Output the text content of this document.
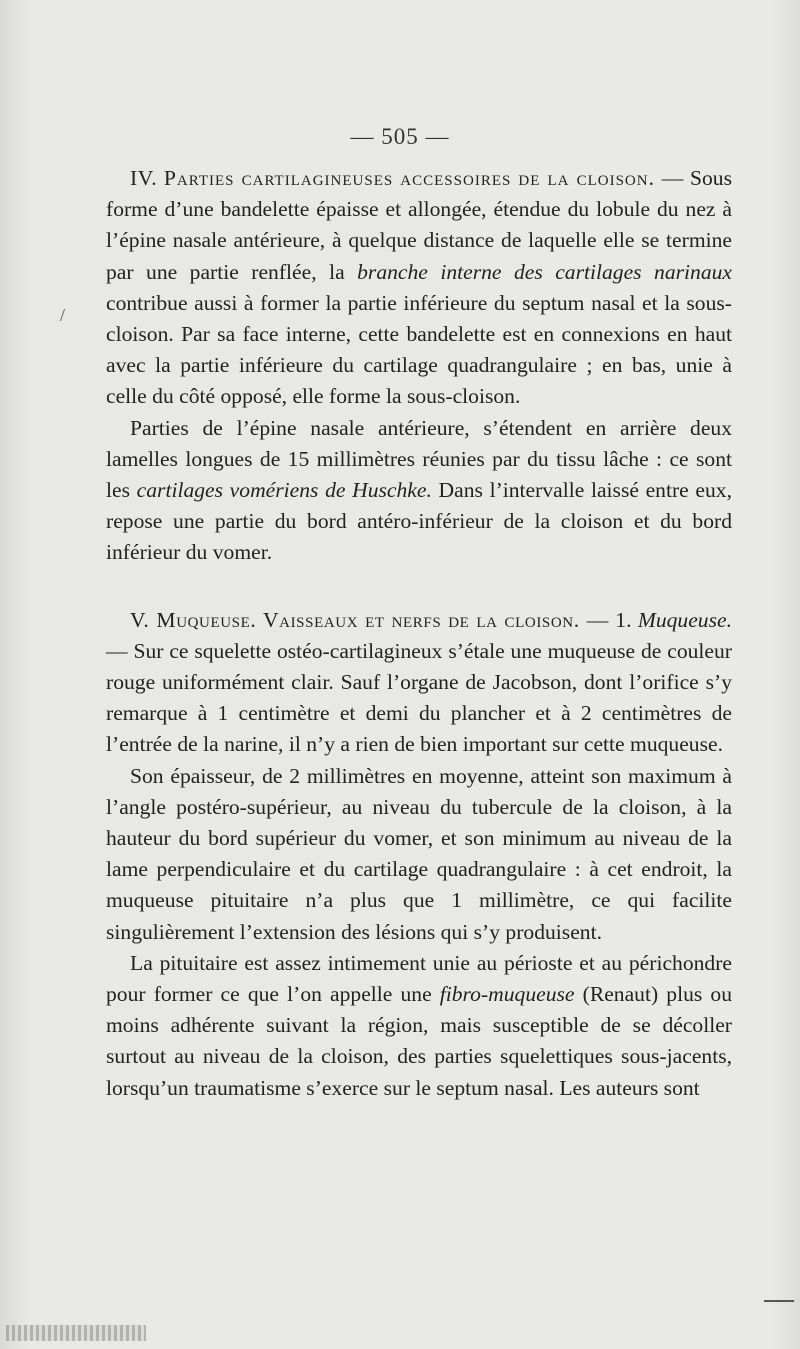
— 505 —
/

IV. Parties cartilagineuses accessoires de la cloison. — Sous forme d’une bandelette épaisse et allongée, étendue du lobule du nez à l’épine nasale antérieure, à quelque distance de laquelle elle se termine par une partie renflée, la branche interne des cartilages narinaux contribue aussi à former la partie inférieure du septum nasal et la sous-cloison. Par sa face interne, cette bandelette est en connexions en haut avec la partie inférieure du cartilage quadrangulaire ; en bas, unie à celle du côté opposé, elle forme la sous-cloison.

Parties de l’épine nasale antérieure, s’étendent en arrière deux lamelles longues de 15 millimètres réunies par du tissu lâche : ce sont les cartilages vomériens de Huschke. Dans l’intervalle laissé entre eux, repose une partie du bord antéro-inférieur de la cloison et du bord inférieur du vomer.

V. Muqueuse. Vaisseaux et nerfs de la cloison. — 1. Muqueuse. — Sur ce squelette ostéo-cartilagineux s’étale une muqueuse de couleur rouge uniformément clair. Sauf l’organe de Jacobson, dont l’orifice s’y remarque à 1 centimètre et demi du plancher et à 2 centimètres de l’entrée de la narine, il n’y a rien de bien important sur cette muqueuse.

Son épaisseur, de 2 millimètres en moyenne, atteint son maximum à l’angle postéro-supérieur, au niveau du tubercule de la cloison, à la hauteur du bord supérieur du vomer, et son minimum au niveau de la lame perpendiculaire et du cartilage quadrangulaire : à cet endroit, la muqueuse pituitaire n’a plus que 1 millimètre, ce qui facilite singulièrement l’extension des lésions qui s’y produisent.

La pituitaire est assez intimement unie au périoste et au périchondre pour former ce que l’on appelle une fibro-muqueuse (Renaut) plus ou moins adhérente suivant la région, mais susceptible de se décoller surtout au niveau de la cloison, des parties squelettiques sous-jacents, lorsqu’un traumatisme s’exerce sur le septum nasal. Les auteurs sont
